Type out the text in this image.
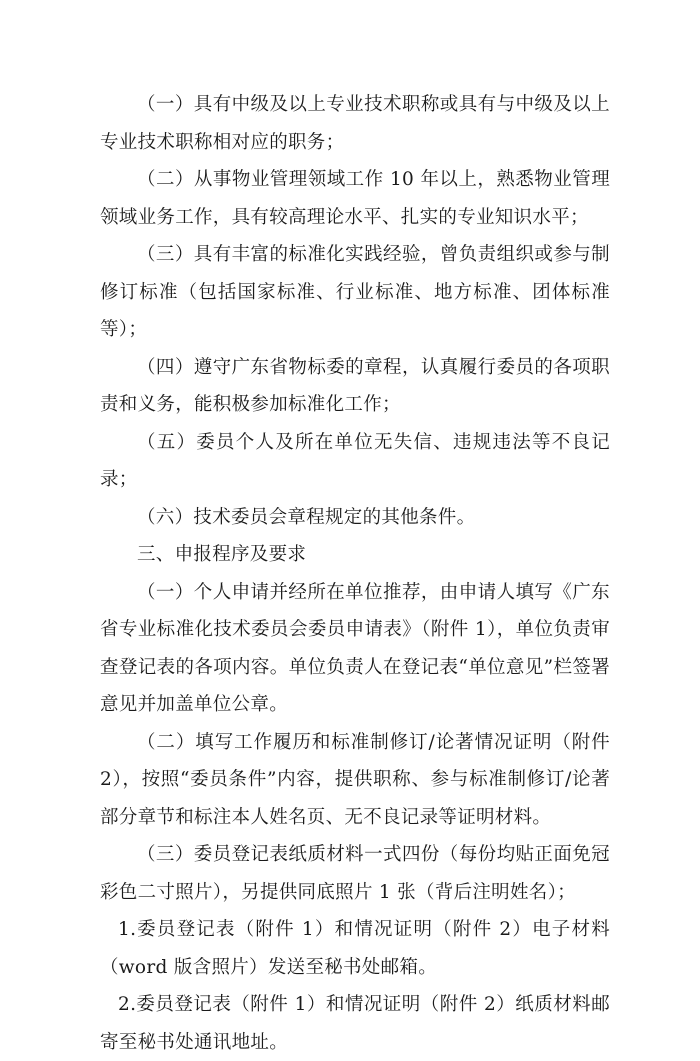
（一）具有中级及以上专业技术职称或具有与中级及以上专业技术职称相对应的职务；

（二）从事物业管理领域工作 10 年以上，熟悉物业管理领域业务工作，具有较高理论水平、扎实的专业知识水平；

（三）具有丰富的标准化实践经验，曾负责组织或参与制修订标准（包括国家标准、行业标准、地方标准、团体标准等）；

（四）遵守广东省物标委的章程，认真履行委员的各项职责和义务，能积极参加标准化工作；

（五）委员个人及所在单位无失信、违规违法等不良记录；

（六）技术委员会章程规定的其他条件。

三、申报程序及要求

（一）个人申请并经所在单位推荐，由申请人填写《广东省专业标准化技术委员会委员申请表》（附件 1），单位负责审查登记表的各项内容。单位负责人在登记表“单位意见”栏签署意见并加盖单位公章。

（二）填写工作履历和标准制修订/论著情况证明（附件 2），按照“委员条件”内容，提供职称、参与标准制修订/论著部分章节和标注本人姓名页、无不良记录等证明材料。

（三）委员登记表纸质材料一式四份（每份均贴正面免冠彩色二寸照片），另提供同底照片 1 张（背后注明姓名）；

1.委员登记表（附件 1）和情况证明（附件 2）电子材料（word 版含照片）发送至秘书处邮箱。

2.委员登记表（附件 1）和情况证明（附件 2）纸质材料邮寄至秘书处通讯地址。
